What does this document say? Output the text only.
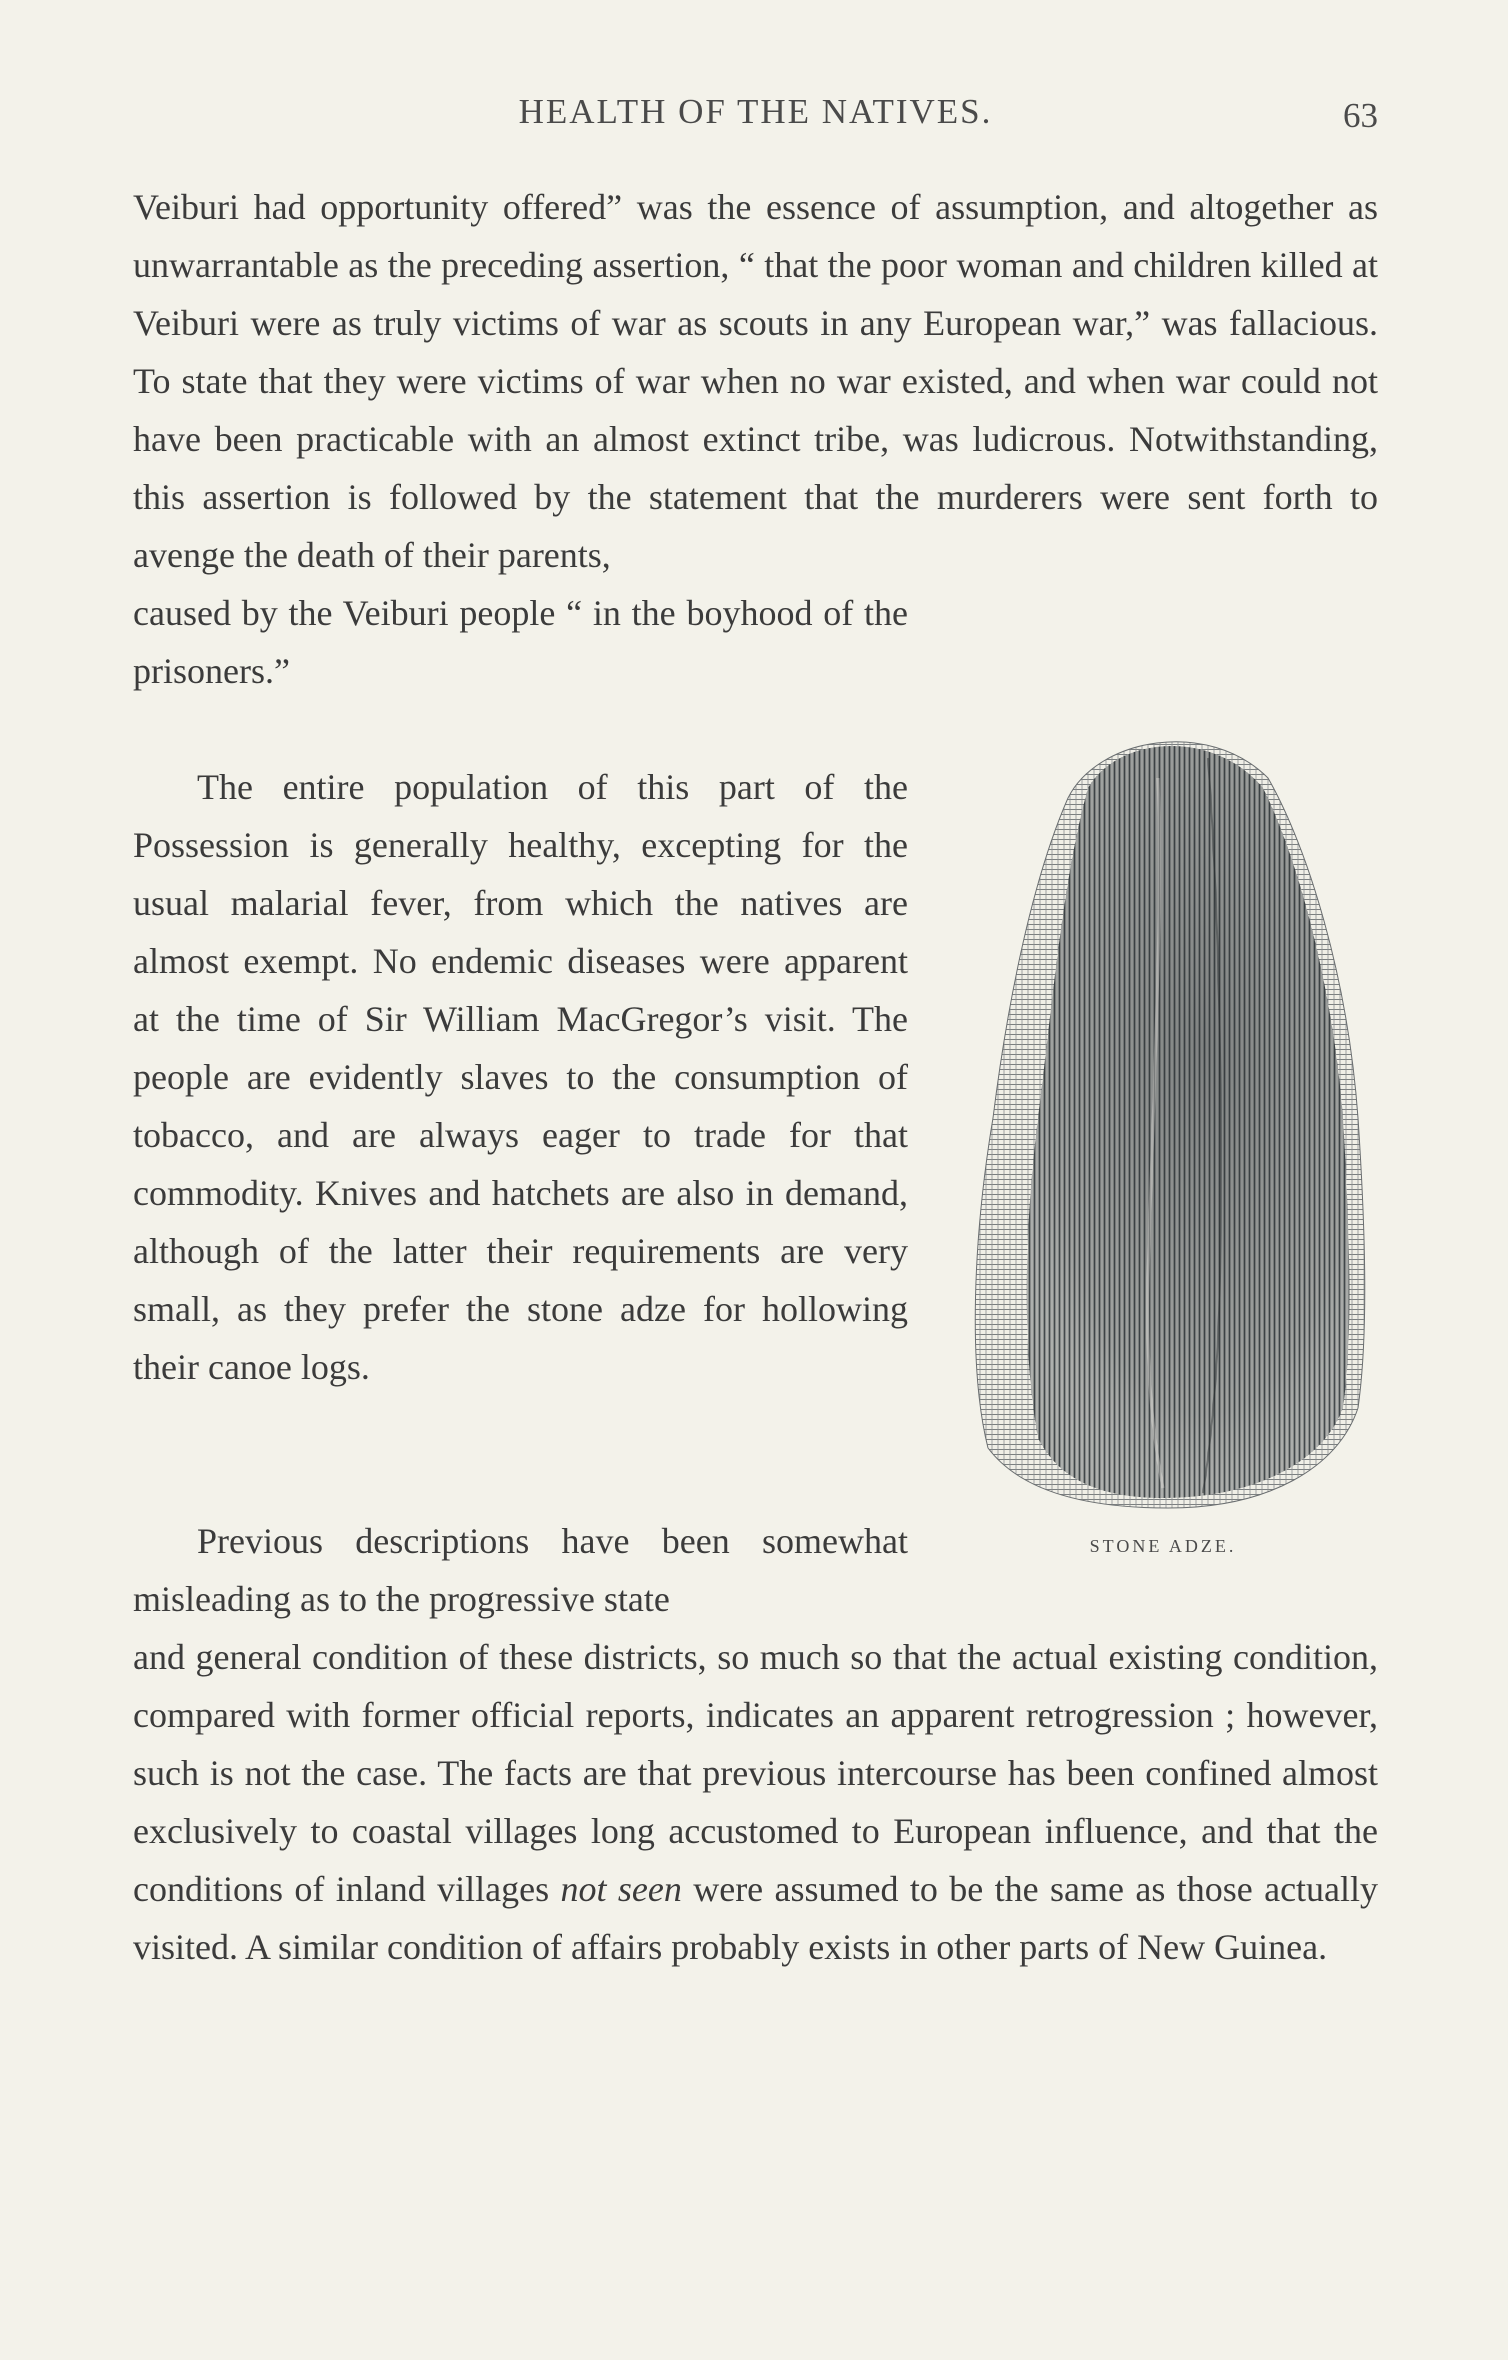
HEALTH OF THE NATIVES.	63
Veiburi had opportunity offered” was the essence of assumption, and altogether as unwarrantable as the preceding assertion, “ that the poor woman and children killed at Veiburi were as truly victims of war as scouts in any European war,” was fallacious. To state that they were victims of war when no war existed, and when war could not have been practicable with an almost extinct tribe, was ludicrous. Notwithstanding, this assertion is followed by the statement that the murderers were sent forth to avenge the death of their parents,
caused by the Veiburi people “ in the boyhood of the prisoners.”
The entire population of this part of the Possession is generally healthy, excepting for the usual malarial fever, from which the natives are almost exempt. No endemic diseases were apparent at the time of Sir William MacGregor’s visit. The people are evidently slaves to the consumption of tobacco, and are always eager to trade for that commodity. Knives and hatchets are also in demand, although of the latter their requirements are very small, as they prefer the stone adze for hollowing their canoe logs.
Previous descriptions have been somewhat misleading as to the progressive state
and general condition of these districts, so much so that the actual existing condition, compared with former official reports, indicates an apparent retrogression ; however, such is not the case. The facts are that previous intercourse has been confined almost exclusively to coastal villages long accustomed to European influence, and that the conditions of inland villages not seen were assumed to be the same as those actually visited. A similar condition of affairs probably exists in other parts of New Guinea.
STONE ADZE.
